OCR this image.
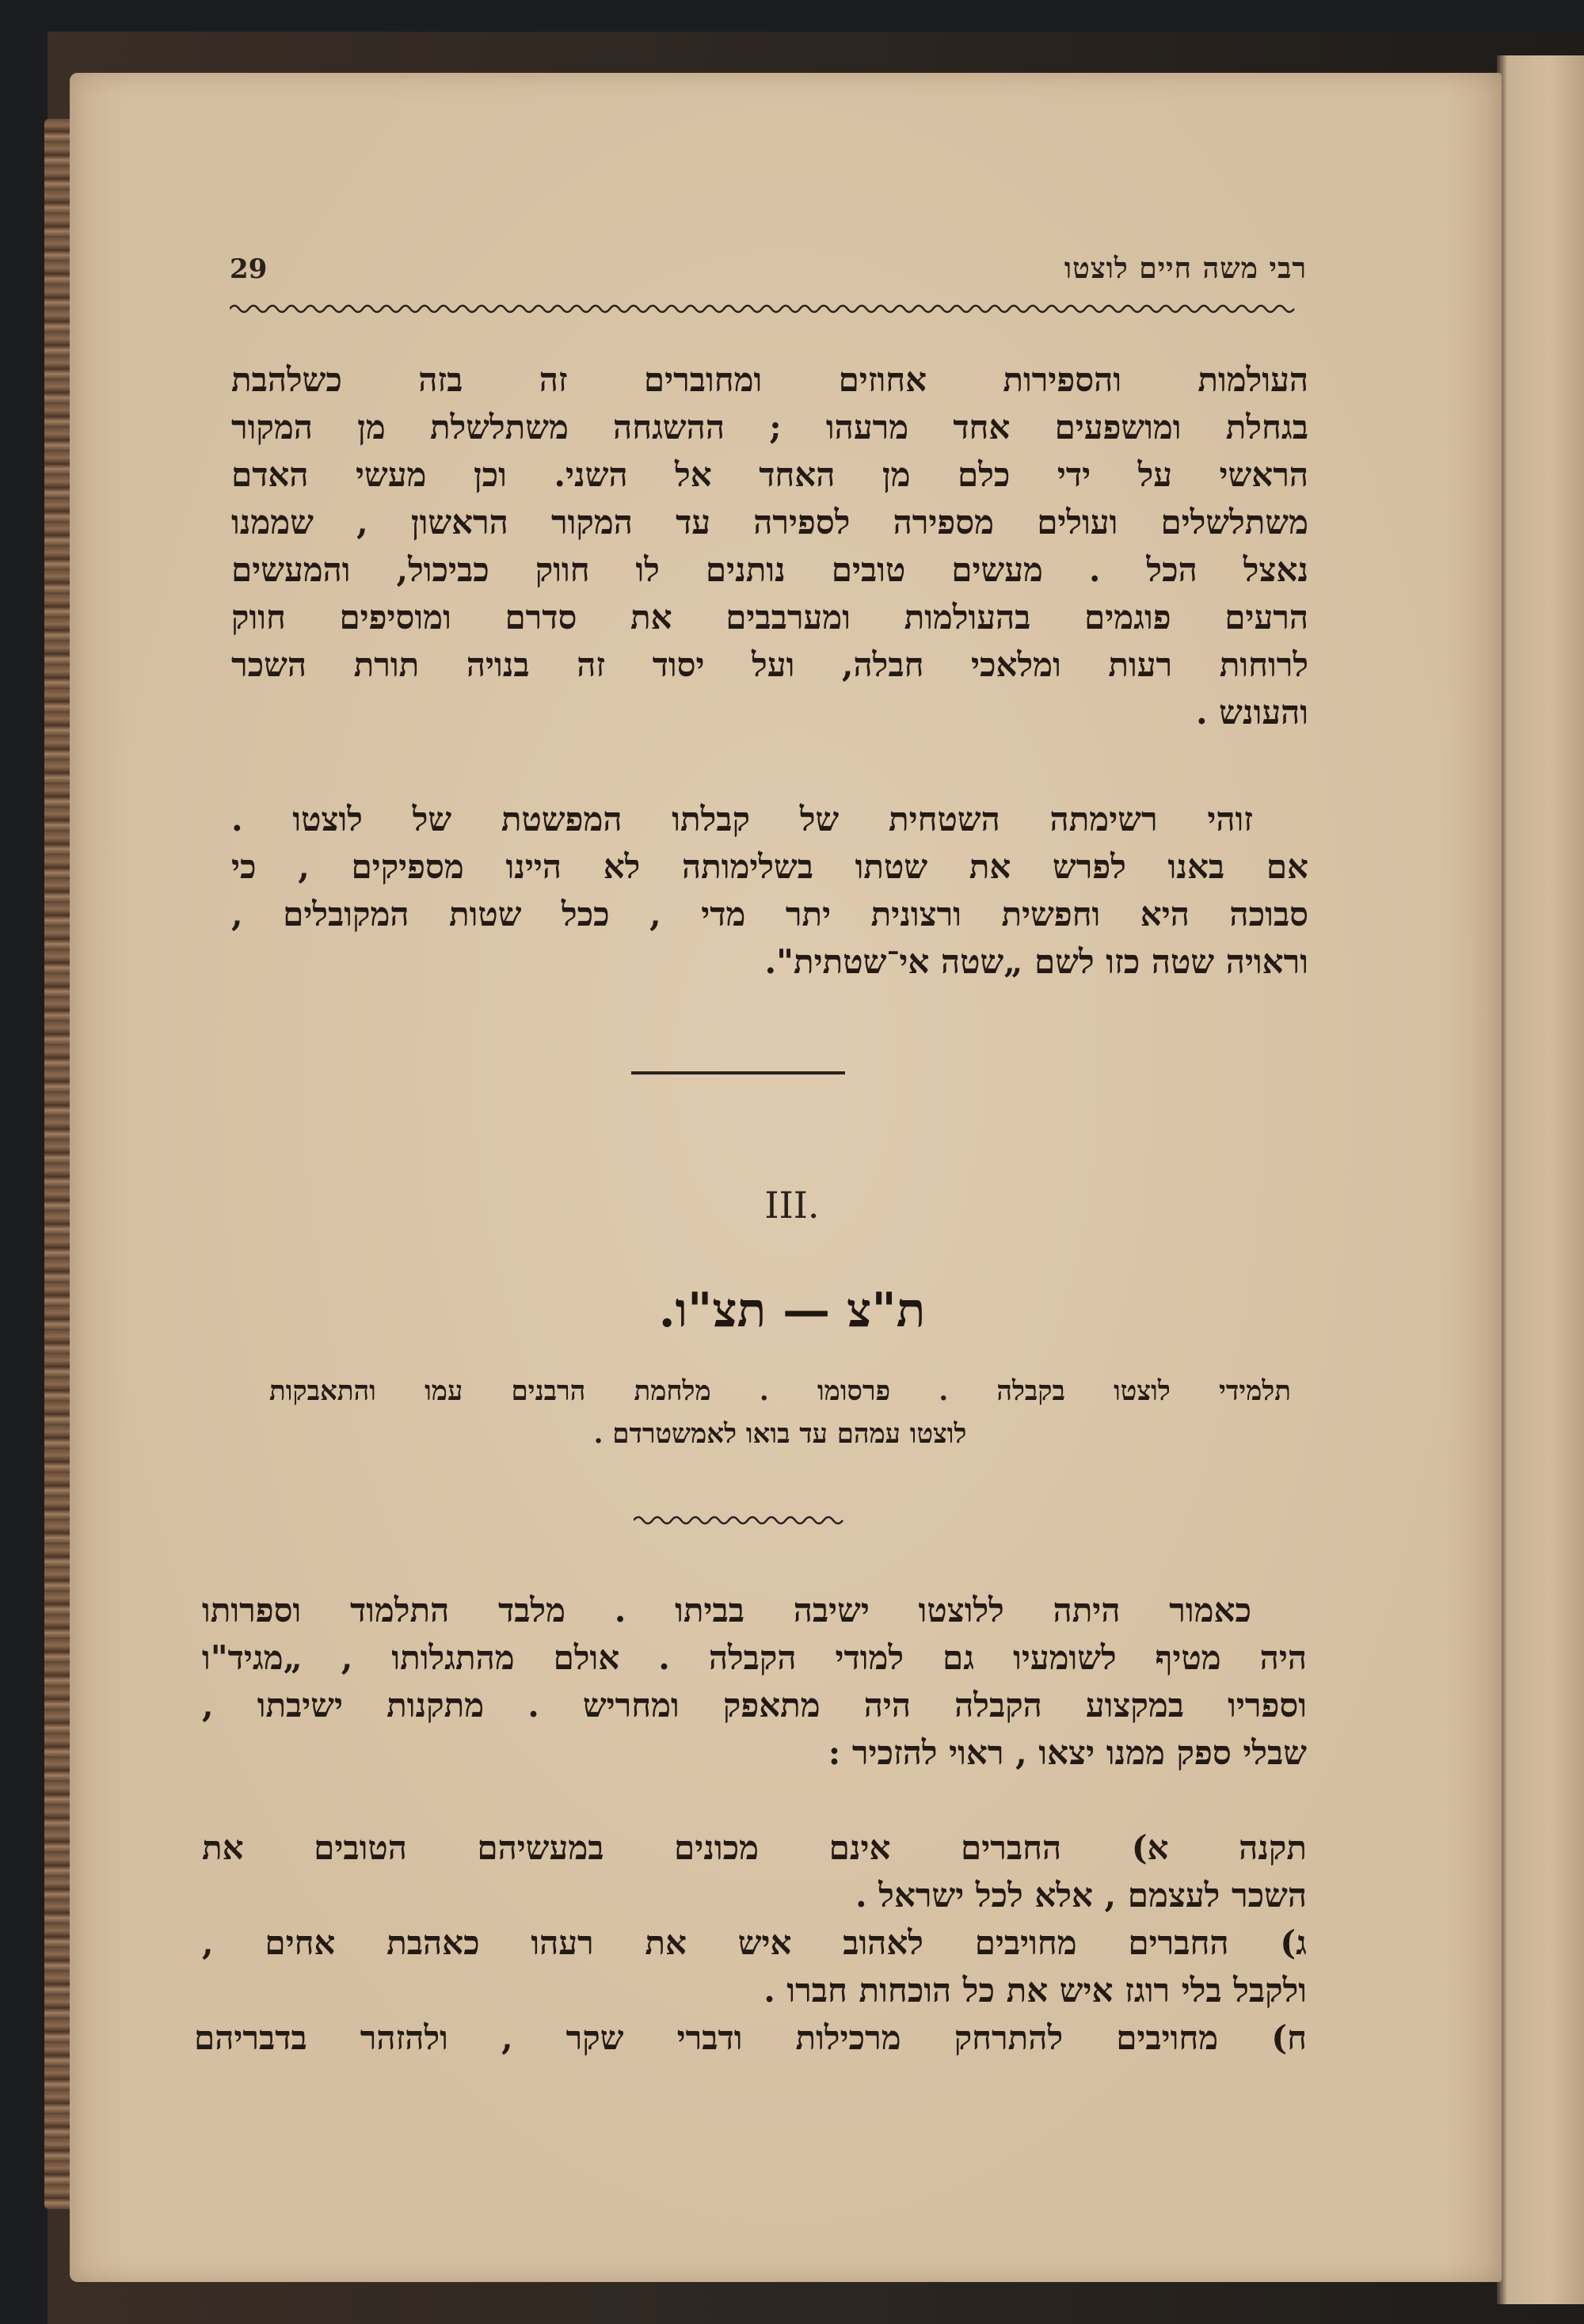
29	רבי משה חיים לוצטו
העולמות והספירות אחוזים ומחוברים זה בזה כשלהבת
בגחלת ומושפעים אחד מרעהו ; ההשגחה משתלשלת מן המקור
הראשי על ידי כלם מן האחד אל השני. וכן מעשי האדם
משתלשלים ועולים מספירה לספירה עד המקור הראשון , שממנו
נאצל הכל . מעשים טובים נותנים לו חווק כביכול, והמעשים
הרעים פוגמים בהעולמות ומערבבים את סדרם ומוסיפים חווק
לרוחות רעות ומלאכי חבלה, ועל יסוד זה בנויה תורת השכר
והעונש .
זוהי רשימתה השטחית של קבלתו המפשטת של לוצטו .
אם באנו לפרש את שטתו בשלימותה לא היינו מספיקים , כי
סבוכה היא וחפשית ורצונית יתר מדי , ככל שטות המקובלים ,
וראויה שטה כזו לשם „שטה אי־שטתית".
III.
ת"צ — תצ"ו.
תלמידי לוצטו בקבלה . פרסומו . מלחמת הרבנים עמו והתאבקות
לוצטו עמהם עד בואו לאמשטרדם .
כאמור היתה ללוצטו ישיבה בביתו . מלבד התלמוד וספרותו
היה מטיף לשומעיו גם למודי הקבלה . אולם מהתגלותו , „מגיד"ו
וספריו במקצוע הקבלה היה מתאפק ומחריש . מתקנות ישיבתו ,
שבלי ספק ממנו יצאו , ראוי להזכיר :
תקנה א) החברים אינם מכונים במעשיהם הטובים את
השכר לעצמם , אלא לכל ישראל .
ג) החברים מחויבים לאהוב איש את רעהו כאהבת אחים ,
ולקבל בלי רוגז איש את כל הוכחות חברו .
ח) מחויבים להתרחק מרכילות ודברי שקר , ולהזהר בדבריהם
